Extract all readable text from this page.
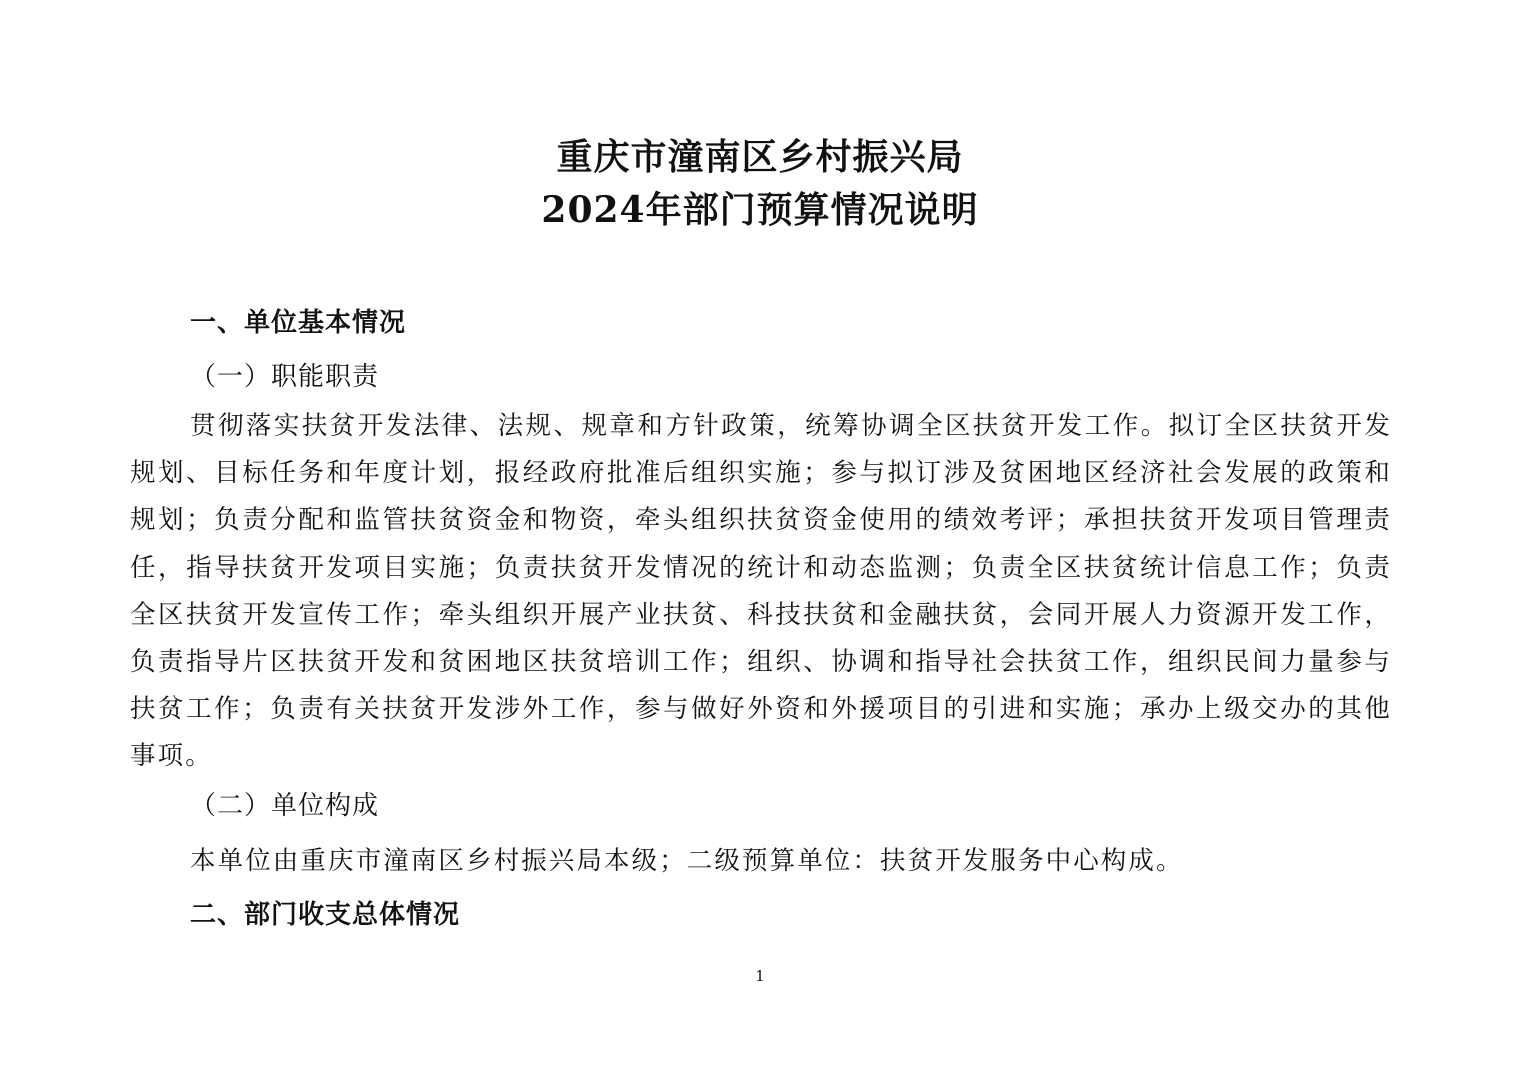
重庆市潼南区乡村振兴局
2024年部门预算情况说明
一、单位基本情况
（一）职能职责
贯彻落实扶贫开发法律、法规、规章和方针政策，统筹协调全区扶贫开发工作。拟订全区扶贫开发规划、目标任务和年度计划，报经政府批准后组织实施；参与拟订涉及贫困地区经济社会发展的政策和规划；负责分配和监管扶贫资金和物资，牵头组织扶贫资金使用的绩效考评；承担扶贫开发项目管理责任，指导扶贫开发项目实施；负责扶贫开发情况的统计和动态监测；负责全区扶贫统计信息工作；负责全区扶贫开发宣传工作；牵头组织开展产业扶贫、科技扶贫和金融扶贫，会同开展人力资源开发工作，负责指导片区扶贫开发和贫困地区扶贫培训工作；组织、协调和指导社会扶贫工作，组织民间力量参与扶贫工作；负责有关扶贫开发涉外工作，参与做好外资和外援项目的引进和实施；承办上级交办的其他事项。
（二）单位构成
本单位由重庆市潼南区乡村振兴局本级；二级预算单位：扶贫开发服务中心构成。
二、部门收支总体情况
1
